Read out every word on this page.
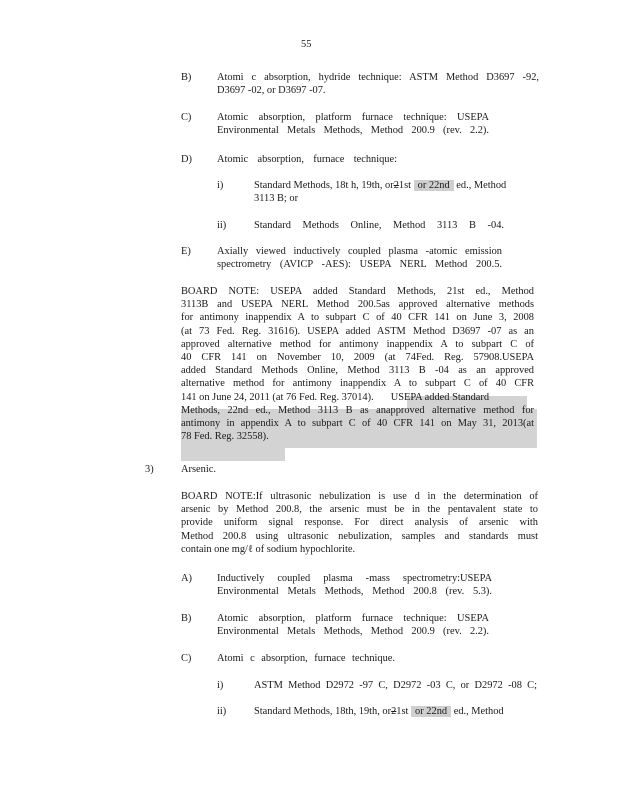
55
B) Atomi c absorption, hydride technique: ASTM Method D3697 -92,
D3697 -02, or D3697 -07.
C) Atomic absorption, platform furnace technique: USEPA
Environmental Metals Methods, Method 200.9 (rev. 2.2).
D) Atomic absorption, furnace technique:
i)	Standard Methods, 18t h, 19th, or21st or 22nd ed., Method
3113 B; or
ii)	Standard Methods Online, Method 3113 B -04.
E)	Axially viewed inductively coupled plasma -atomic emission
spectrometry (AVICP -AES): USEPA NERL Method 200.5.
BOARD NOTE: USEPA added Standard Methods, 21st ed., Method
3113B and USEPA NERL Method 200.5as approved alternative methods
for antimony inappendix A to subpart C of 40 CFR 141 on June 3, 2008
(at 73 Fed. Reg. 31616). USEPA added ASTM Method D3697 -07 as an
approved alternative method for antimony inappendix A to subpart C of
40 CFR 141 on November 10, 2009 (at 74Fed. Reg. 57908.USEPA
added Standard Methods Online, Method 3113 B -04 as an approved
alternative method for antimony inappendix A to subpart C of 40 CFR
141 on June 24, 2011 (at 76 Fed. Reg. 37014). USEPA added Standard
Methods, 22nd ed., Method 3113 B as anapproved alternative method for
antimony in appendix A to subpart C of 40 CFR 141 on May 31, 2013(at
78 Fed. Reg. 32558).
3)	Arsenic.
BOARD NOTE:If ultrasonic nebulization is use d in the determination of
arsenic by Method 200.8, the arsenic must be in the pentavalent state to
provide uniform signal response. For direct analysis of arsenic with
Method 200.8 using ultrasonic nebulization, samples and standards must
contain one mg/ℓ of sodium hypochlorite.
A) Inductively coupled plasma -mass spectrometry:USEPA
Environmental Metals Methods, Method 200.8 (rev. 5.3).
B) Atomic absorption, platform furnace technique: USEPA
Environmental Metals Methods, Method 200.9 (rev. 2.2).
C) Atomi c absorption, furnace technique.
i)	ASTM Method D2972 -97 C, D2972 -03 C, or D2972 -08 C;
ii)	Standard Methods, 18th, 19th, or21st or 22nd ed., Method
